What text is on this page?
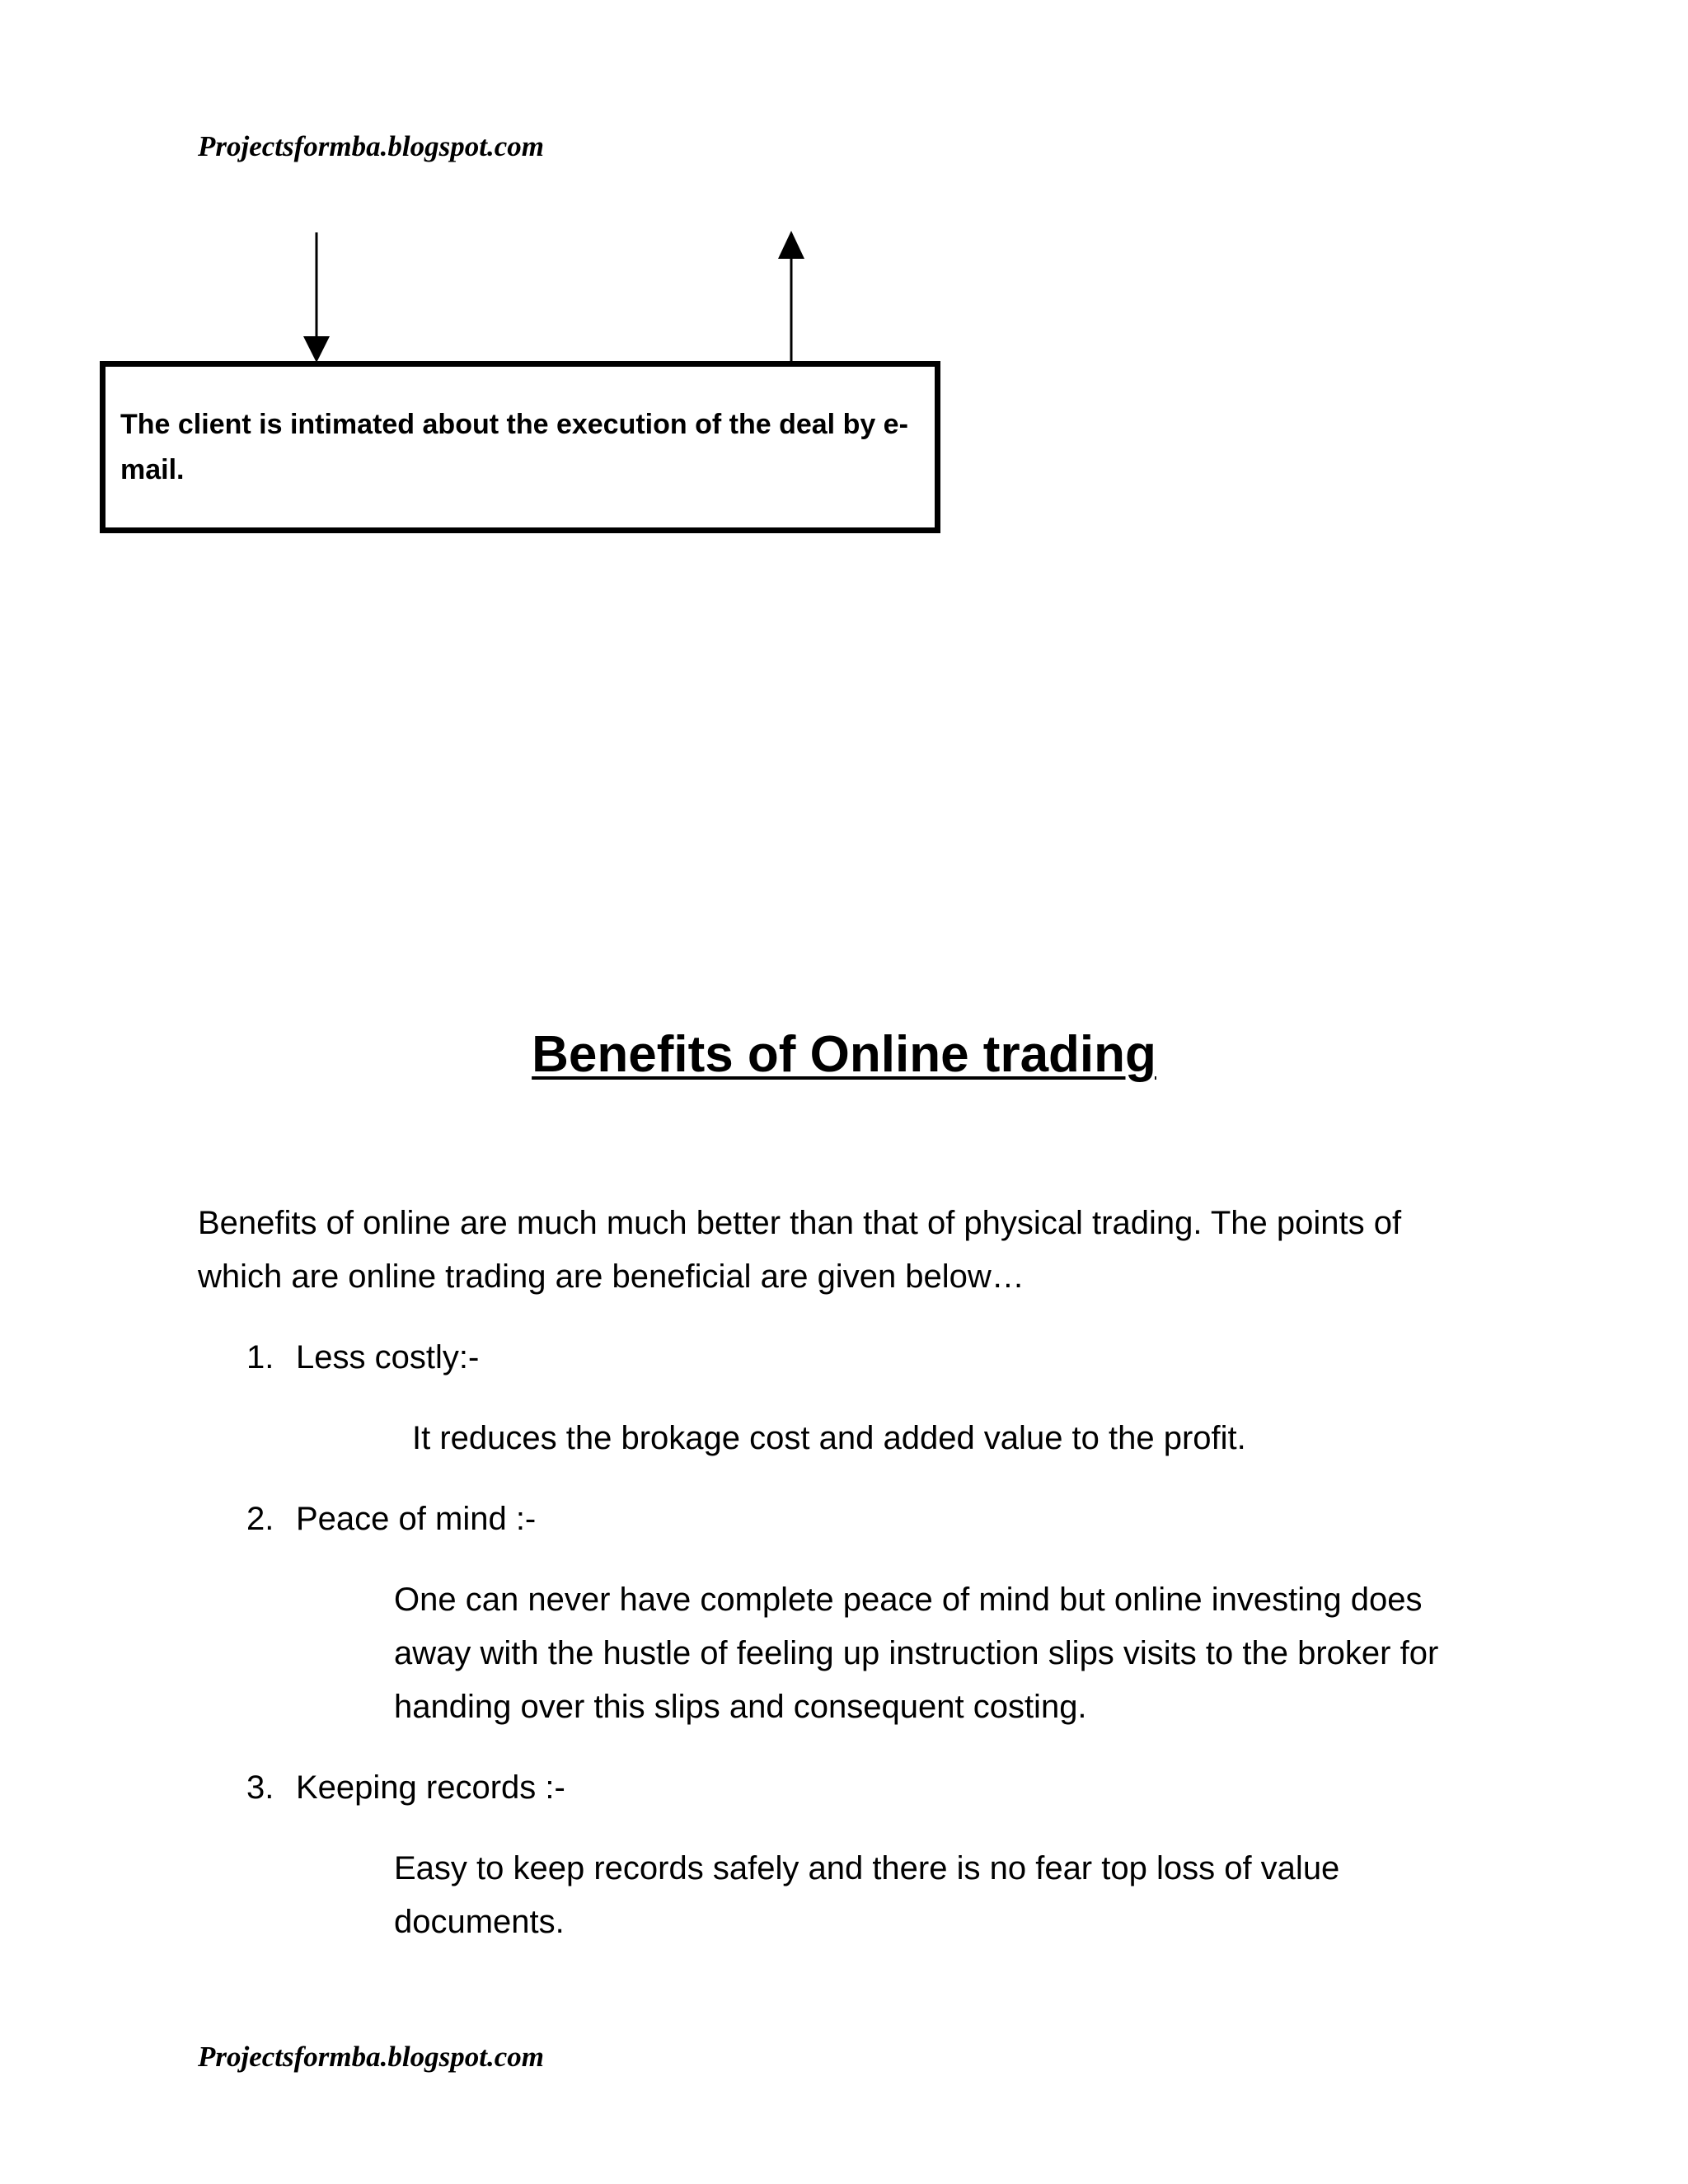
Projectsformba.blogspot.com
The client is intimated about the execution of the deal by e-mail.
Benefits of Online trading
Benefits of online are much much better than that of physical trading. The points of which are online trading are beneficial are given below…
1. Less costly:-
It reduces the brokage cost and added value to the profit.
2. Peace of mind :-
One can never have complete peace of mind but online investing does away with the hustle of feeling up instruction slips visits to the broker for handing over this slips and consequent costing.
3. Keeping records :-
Easy to keep records safely and there is no fear top loss of value documents.
Projectsformba.blogspot.com
